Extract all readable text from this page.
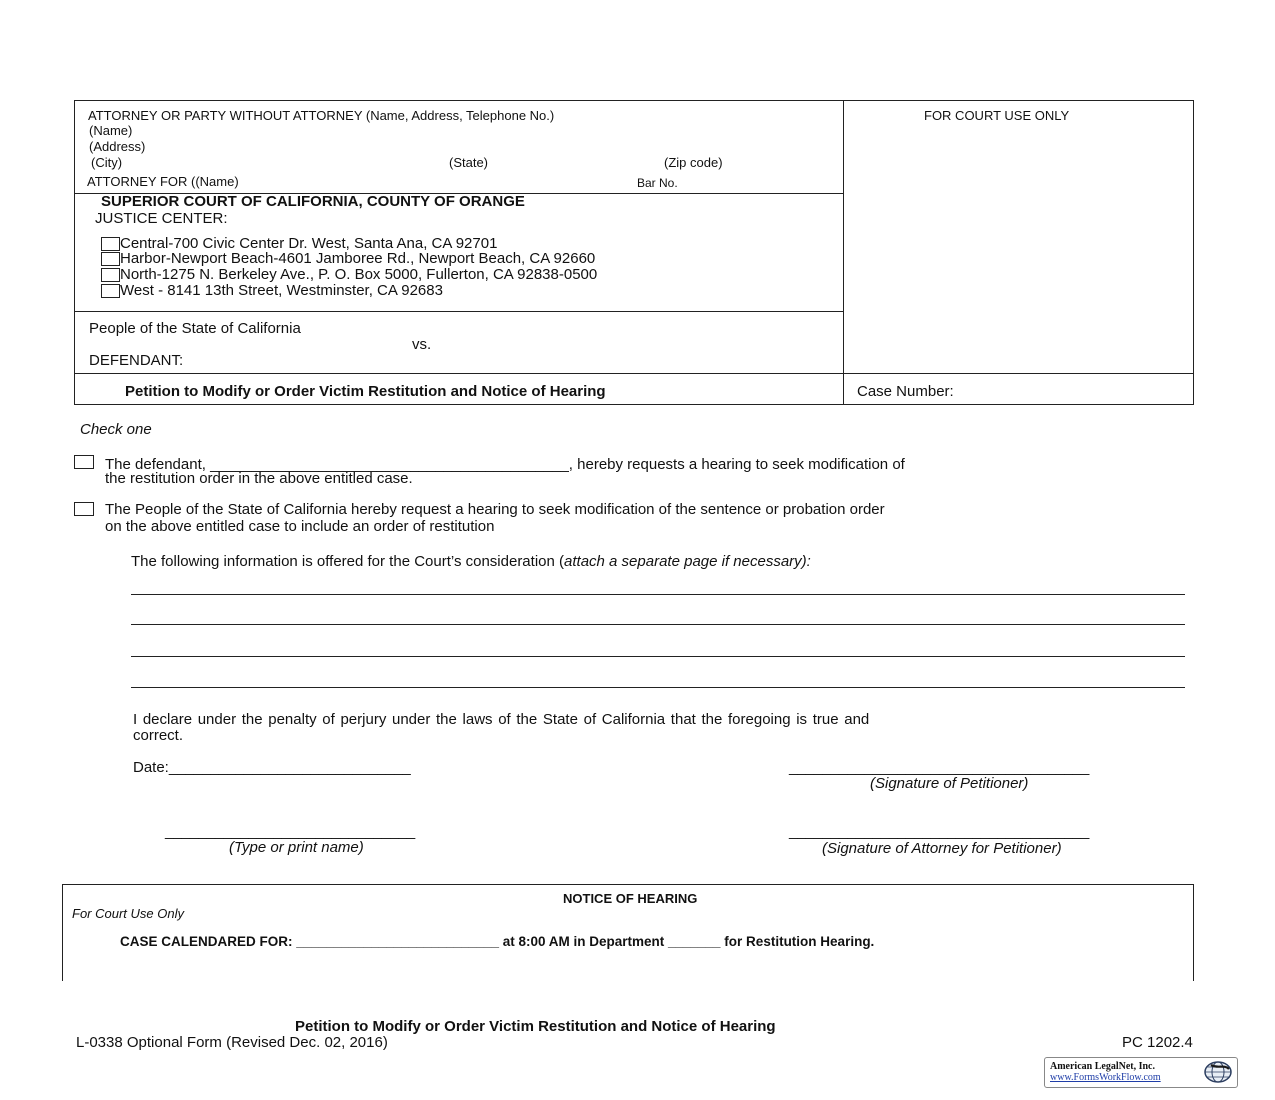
ATTORNEY OR PARTY WITHOUT ATTORNEY (Name, Address, Telephone No.)
(Name)
(Address)
(City)	(State)	(Zip code)
ATTORNEY FOR ((Name)	Bar No.
FOR COURT USE ONLY
SUPERIOR COURT OF CALIFORNIA, COUNTY OF ORANGE
JUSTICE CENTER:
Central-700 Civic Center Dr. West, Santa Ana, CA 92701
Harbor-Newport Beach-4601 Jamboree Rd., Newport Beach, CA 92660
North-1275 N. Berkeley Ave., P. O. Box 5000, Fullerton, CA 92838-0500
West - 8141 13th Street, Westminster, CA 92683
People of the State of California
vs.
DEFENDANT:
Petition to Modify or Order Victim Restitution and Notice of Hearing	Case Number:
Check one
The defendant, ___________________________________________, hereby requests a hearing to seek modification of
the restitution order in the above entitled case.
The People of the State of California hereby request a hearing to seek modification of the sentence or probation order
on the above entitled case to include an order of restitution
The following information is offered for the Court’s consideration (attach a separate page if necessary):
I declare under the penalty of perjury under the laws of the State of California that the foregoing is true and
correct.
Date:_____________________________	____________________________________
(Signature of Petitioner)
______________________________	____________________________________
(Type or print name)	(Signature of Attorney for Petitioner)
NOTICE OF HEARING
For Court Use Only
CASE CALENDARED FOR: ___________________________ at 8:00 AM in Department _______ for Restitution Hearing.
Petition to Modify or Order Victim Restitution and Notice of Hearing
L-0338 Optional Form (Revised Dec. 02, 2016)	PC 1202.4
American LegalNet, Inc.
www.FormsWorkFlow.com
